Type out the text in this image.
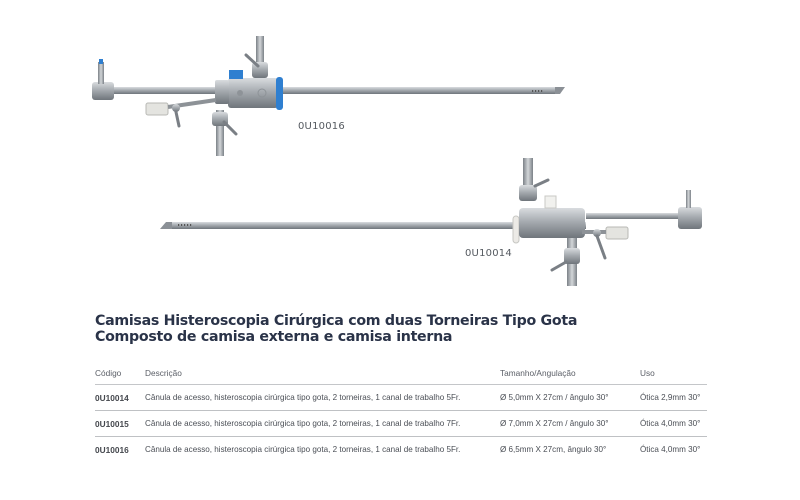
0U10016
0U10014
Camisas Histeroscopia Cirúrgica com duas Torneiras Tipo Gota
Composto de camisa externa e camisa interna
Código	Descrição	Tamanho/Angulação	Uso
0U10014	Cânula de acesso, histeroscopia cirúrgica tipo gota, 2 torneiras, 1 canal de trabalho 5Fr.	Ø 5,0mm X 27cm / ângulo 30°	Ótica 2,9mm 30°
0U10015	Cânula de acesso, histeroscopia cirúrgica tipo gota, 2 torneiras, 1 canal de trabalho 7Fr.	Ø 7,0mm X 27cm / ângulo 30°	Ótica 4,0mm 30°
0U10016	Cânula de acesso, histeroscopia cirúrgica tipo gota, 2 torneiras, 1 canal de trabalho 5Fr.	Ø 6,5mm X 27cm, ângulo 30°	Ótica 4,0mm 30°
